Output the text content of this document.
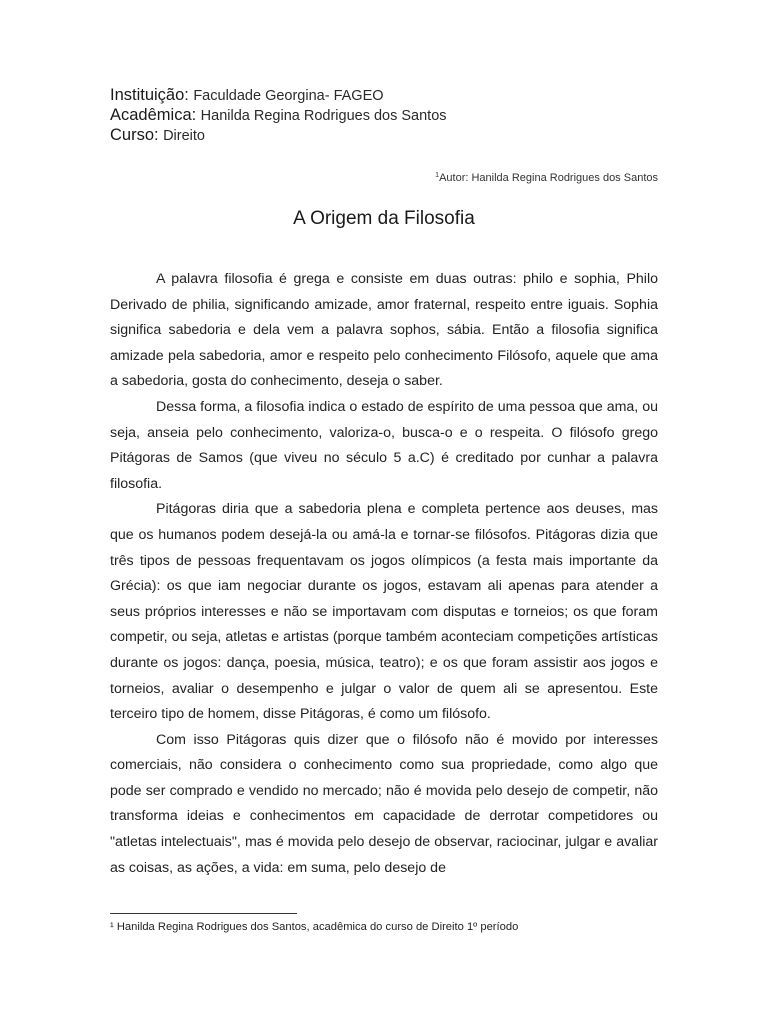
Instituição: Faculdade Georgina- FAGEO
Acadêmica: Hanilda Regina Rodrigues dos Santos
Curso: Direito
$^1$Autor: Hanilda Regina Rodrigues dos Santos
A Origem da Filosofia

A palavra filosofia é grega e consiste em duas outras: philo e sophia, Philo Derivado de philia, significando amizade, amor fraternal, respeito entre iguais. Sophia significa sabedoria e dela vem a palavra sophos, sábia. Então a filosofia significa amizade pela sabedoria, amor e respeito pelo conhecimento Filósofo, aquele que ama a sabedoria, gosta do conhecimento, deseja o saber.

Dessa forma, a filosofia indica o estado de espírito de uma pessoa que ama, ou seja, anseia pelo conhecimento, valoriza-o, busca-o e o respeita. O filósofo grego Pitágoras de Samos (que viveu no século 5 a.C) é creditado por cunhar a palavra filosofia.

Pitágoras diria que a sabedoria plena e completa pertence aos deuses, mas que os humanos podem desejá-la ou amá-la e tornar-se filósofos. Pitágoras dizia que três tipos de pessoas frequentavam os jogos olímpicos (a festa mais importante da Grécia): os que iam negociar durante os jogos, estavam ali apenas para atender a seus próprios interesses e não se importavam com disputas e torneios; os que foram competir, ou seja, atletas e artistas (porque também aconteciam competições artísticas durante os jogos: dança, poesia, música, teatro); e os que foram assistir aos jogos e torneios, avaliar o desempenho e julgar o valor de quem ali se apresentou. Este terceiro tipo de homem, disse Pitágoras, é como um filósofo.

Com isso Pitágoras quis dizer que o filósofo não é movido por interesses comerciais, não considera o conhecimento como sua propriedade, como algo que pode ser comprado e vendido no mercado; não é movida pelo desejo de competir, não transforma ideias e conhecimentos em capacidade de derrotar competidores ou "atletas intelectuais", mas é movida pelo desejo de observar, raciocinar, julgar e avaliar as coisas, as ações, a vida: em suma, pelo desejo de

¹ Hanilda Regina Rodrigues dos Santos, acadêmica do curso de Direito 1º período
